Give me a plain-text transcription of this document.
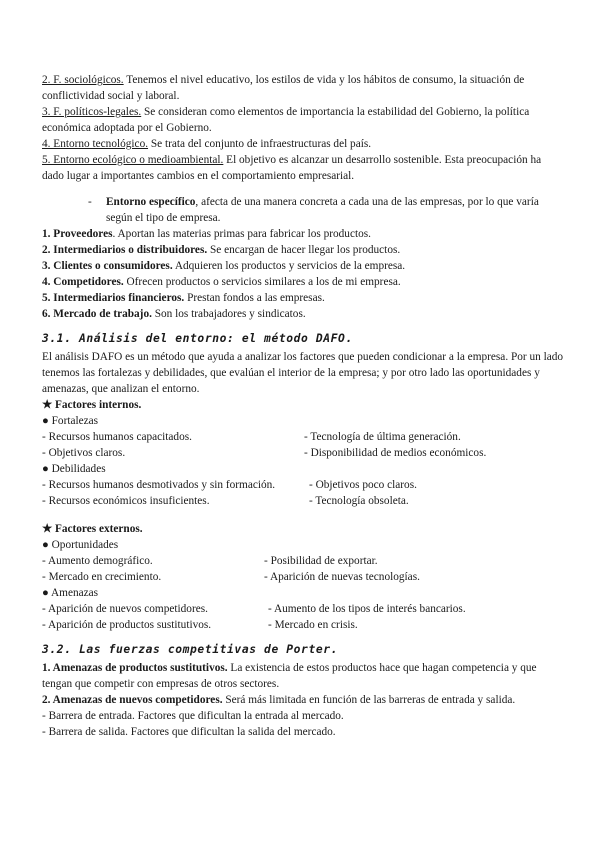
2. F. sociológicos. Tenemos el nivel educativo, los estilos de vida y los hábitos de consumo, la situación de conflictividad social y laboral.
3. F. políticos-legales. Se consideran como elementos de importancia la estabilidad del Gobierno, la política económica adoptada por el Gobierno.
4. Entorno tecnológico. Se trata del conjunto de infraestructuras del país.
5. Entorno ecológico o medioambiental. El objetivo es alcanzar un desarrollo sostenible. Esta preocupación ha dado lugar a importantes cambios en el comportamiento empresarial.
- Entorno específico, afecta de una manera concreta a cada una de las empresas, por lo que varía según el tipo de empresa.
1. Proveedores. Aportan las materias primas para fabricar los productos.
2. Intermediarios o distribuidores. Se encargan de hacer llegar los productos.
3. Clientes o consumidores. Adquieren los productos y servicios de la empresa.
4. Competidores. Ofrecen productos o servicios similares a los de mi empresa.
5. Intermediarios financieros. Prestan fondos a las empresas.
6. Mercado de trabajo. Son los trabajadores y sindicatos.
3.1. Análisis del entorno: el método DAFO.
El análisis DAFO es un método que ayuda a analizar los factores que pueden condicionar a la empresa. Por un lado tenemos las fortalezas y debilidades, que evalúan el interior de la empresa; y por otro lado las oportunidades y amenazas, que analizan el entorno.
★ Factores internos.
● Fortalezas
- Recursos humanos capacitados.	- Tecnología de última generación.
- Objetivos claros.	- Disponibilidad de medios económicos.
● Debilidades
- Recursos humanos desmotivados y sin formación.	- Objetivos poco claros.
- Recursos económicos insuficientes.	- Tecnología obsoleta.
★ Factores externos.
● Oportunidades
- Aumento demográfico.	- Posibilidad de exportar.
- Mercado en crecimiento.	- Aparición de nuevas tecnologías.
● Amenazas
- Aparición de nuevos competidores.	- Aumento de los tipos de interés bancarios.
- Aparición de productos sustitutivos.	- Mercado en crisis.
3.2. Las fuerzas competitivas de Porter.
1. Amenazas de productos sustitutivos. La existencia de estos productos hace que hagan competencia y que tengan que competir con empresas de otros sectores.
2. Amenazas de nuevos competidores. Será más limitada en función de las barreras de entrada y salida.
- Barrera de entrada. Factores que dificultan la entrada al mercado.
- Barrera de salida. Factores que dificultan la salida del mercado.
